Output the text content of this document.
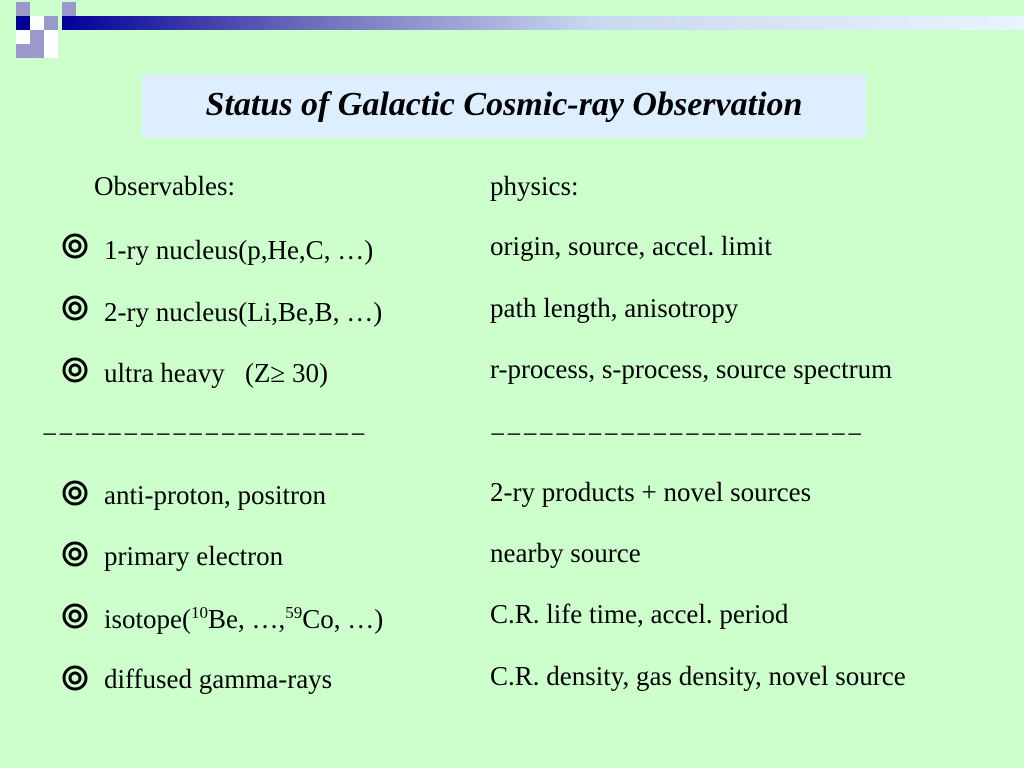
Status of Galactic Cosmic-ray Observation
Observables:	physics:
1-ry nucleus(p,He,C, …)	origin, source, accel. limit
2-ry nucleus(Li,Be,B, …)	path length, anisotropy
ultra heavy   (Z≥ 30)	r-process, s-process, source spectrum
−−−−−−−−−−−−−−−−−−−−	−−−−−−−−−−−−−−−−−−−−−−−
anti-proton, positron	2-ry products + novel sources
primary electron	nearby source
isotope($^{10}$Be, …,$^{59}$Co, …)	C.R. life time, accel. period
diffused gamma-rays	C.R. density, gas density, novel source
